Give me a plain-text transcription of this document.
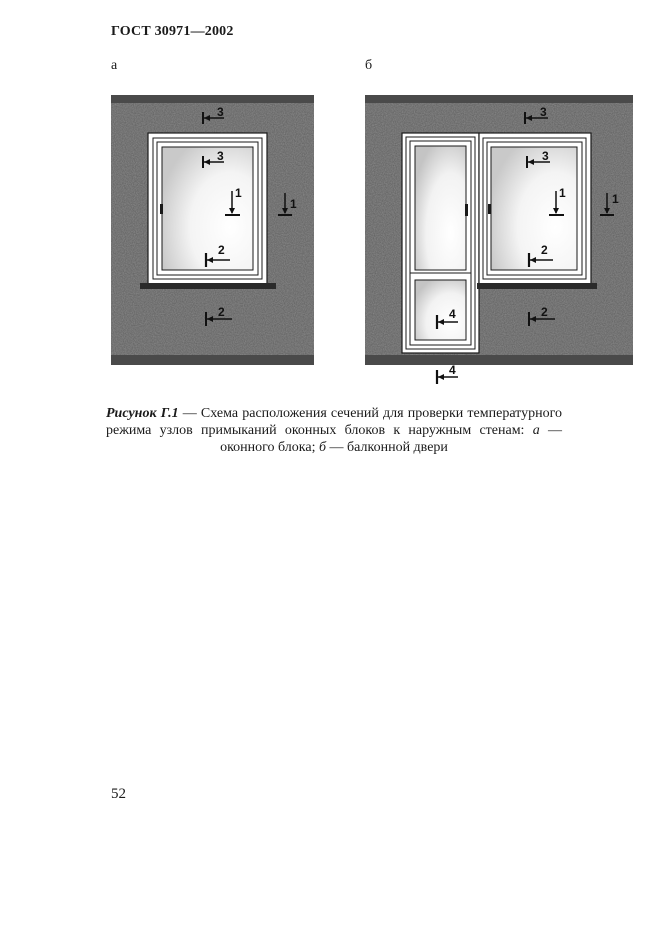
ГОСТ 30971—2002
а	б
3
3
1
1
2
2
3
3
1	1
2
2
4
4
Рисунок Г.1 — Схема расположения сечений для проверки температурного режима узлов примыканий оконных блоков к наружным стенам: а — оконного блока; б — балконной двери
52
